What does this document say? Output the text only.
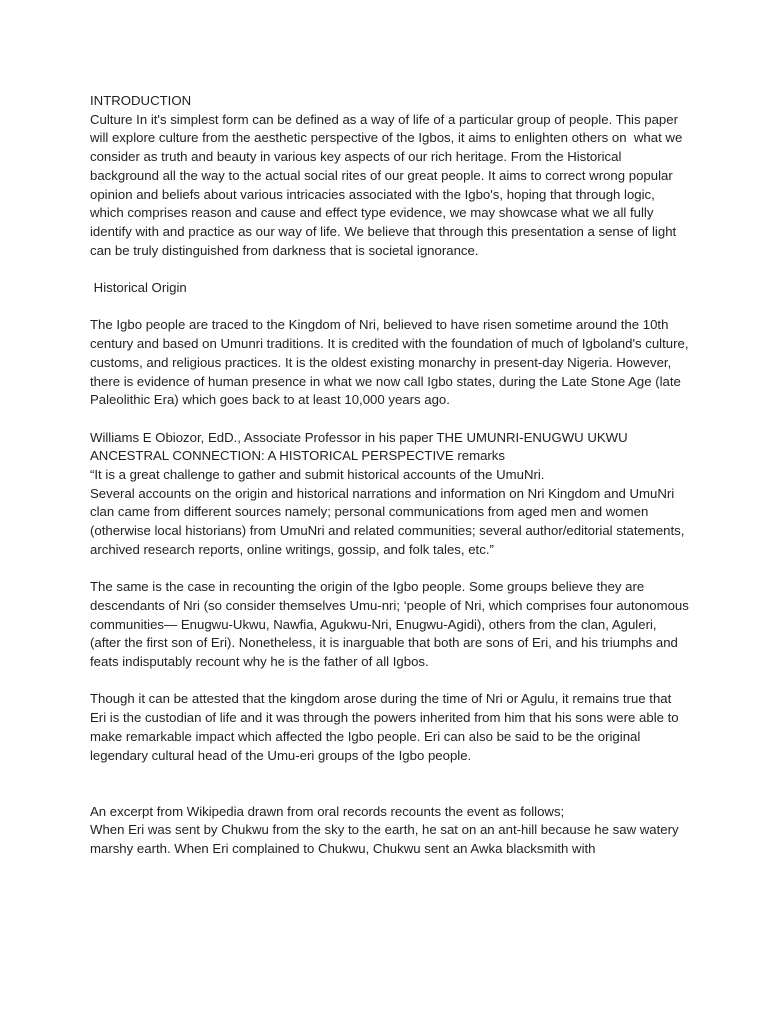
INTRODUCTION

Culture In it's simplest form can be defined as a way of life of a particular group of people. This paper will explore culture from the aesthetic perspective of the Igbos, it aims to enlighten others on  what we consider as truth and beauty in various key aspects of our rich heritage. From the Historical background all the way to the actual social rites of our great people. It aims to correct wrong popular opinion and beliefs about various intricacies associated with the Igbo's, hoping that through logic, which comprises reason and cause and effect type evidence, we may showcase what we all fully identify with and practice as our way of life. We believe that through this presentation a sense of light can be truly distinguished from darkness that is societal ignorance.

Historical Origin

The Igbo people are traced to the Kingdom of Nri, believed to have risen sometime around the 10th century and based on Umunri traditions. It is credited with the foundation of much of Igboland's culture, customs, and religious practices. It is the oldest existing monarchy in present-day Nigeria. However, there is evidence of human presence in what we now call Igbo states, during the Late Stone Age (late Paleolithic Era) which goes back to at least 10,000 years ago.

Williams E Obiozor, EdD., Associate Professor in his paper THE UMUNRI-ENUGWU UKWU ANCESTRAL CONNECTION: A HISTORICAL PERSPECTIVE remarks

“It is a great challenge to gather and submit historical accounts of the UmuNri.

Several accounts on the origin and historical narrations and information on Nri Kingdom and UmuNri clan came from different sources namely; personal communications from aged men and women (otherwise local historians) from UmuNri and related communities; several author/editorial statements, archived research reports, online writings, gossip, and folk tales, etc.”

The same is the case in recounting the origin of the Igbo people. Some groups believe they are descendants of Nri (so consider themselves Umu-nri; ‘people of Nri, which comprises four autonomous communities— Enugwu-Ukwu, Nawfia, Agukwu-Nri, Enugwu-Agidi), others from the clan, Aguleri, (after the first son of Eri). Nonetheless, it is inarguable that both are sons of Eri, and his triumphs and feats indisputably recount why he is the father of all Igbos.

Though it can be attested that the kingdom arose during the time of Nri or Agulu, it remains true that Eri is the custodian of life and it was through the powers inherited from him that his sons were able to make remarkable impact which affected the Igbo people. Eri can also be said to be the original legendary cultural head of the Umu-eri groups of the Igbo people.

An excerpt from Wikipedia drawn from oral records recounts the event as follows;

When Eri was sent by Chukwu from the sky to the earth, he sat on an ant-hill because he saw watery marshy earth. When Eri complained to Chukwu, Chukwu sent an Awka blacksmith with
